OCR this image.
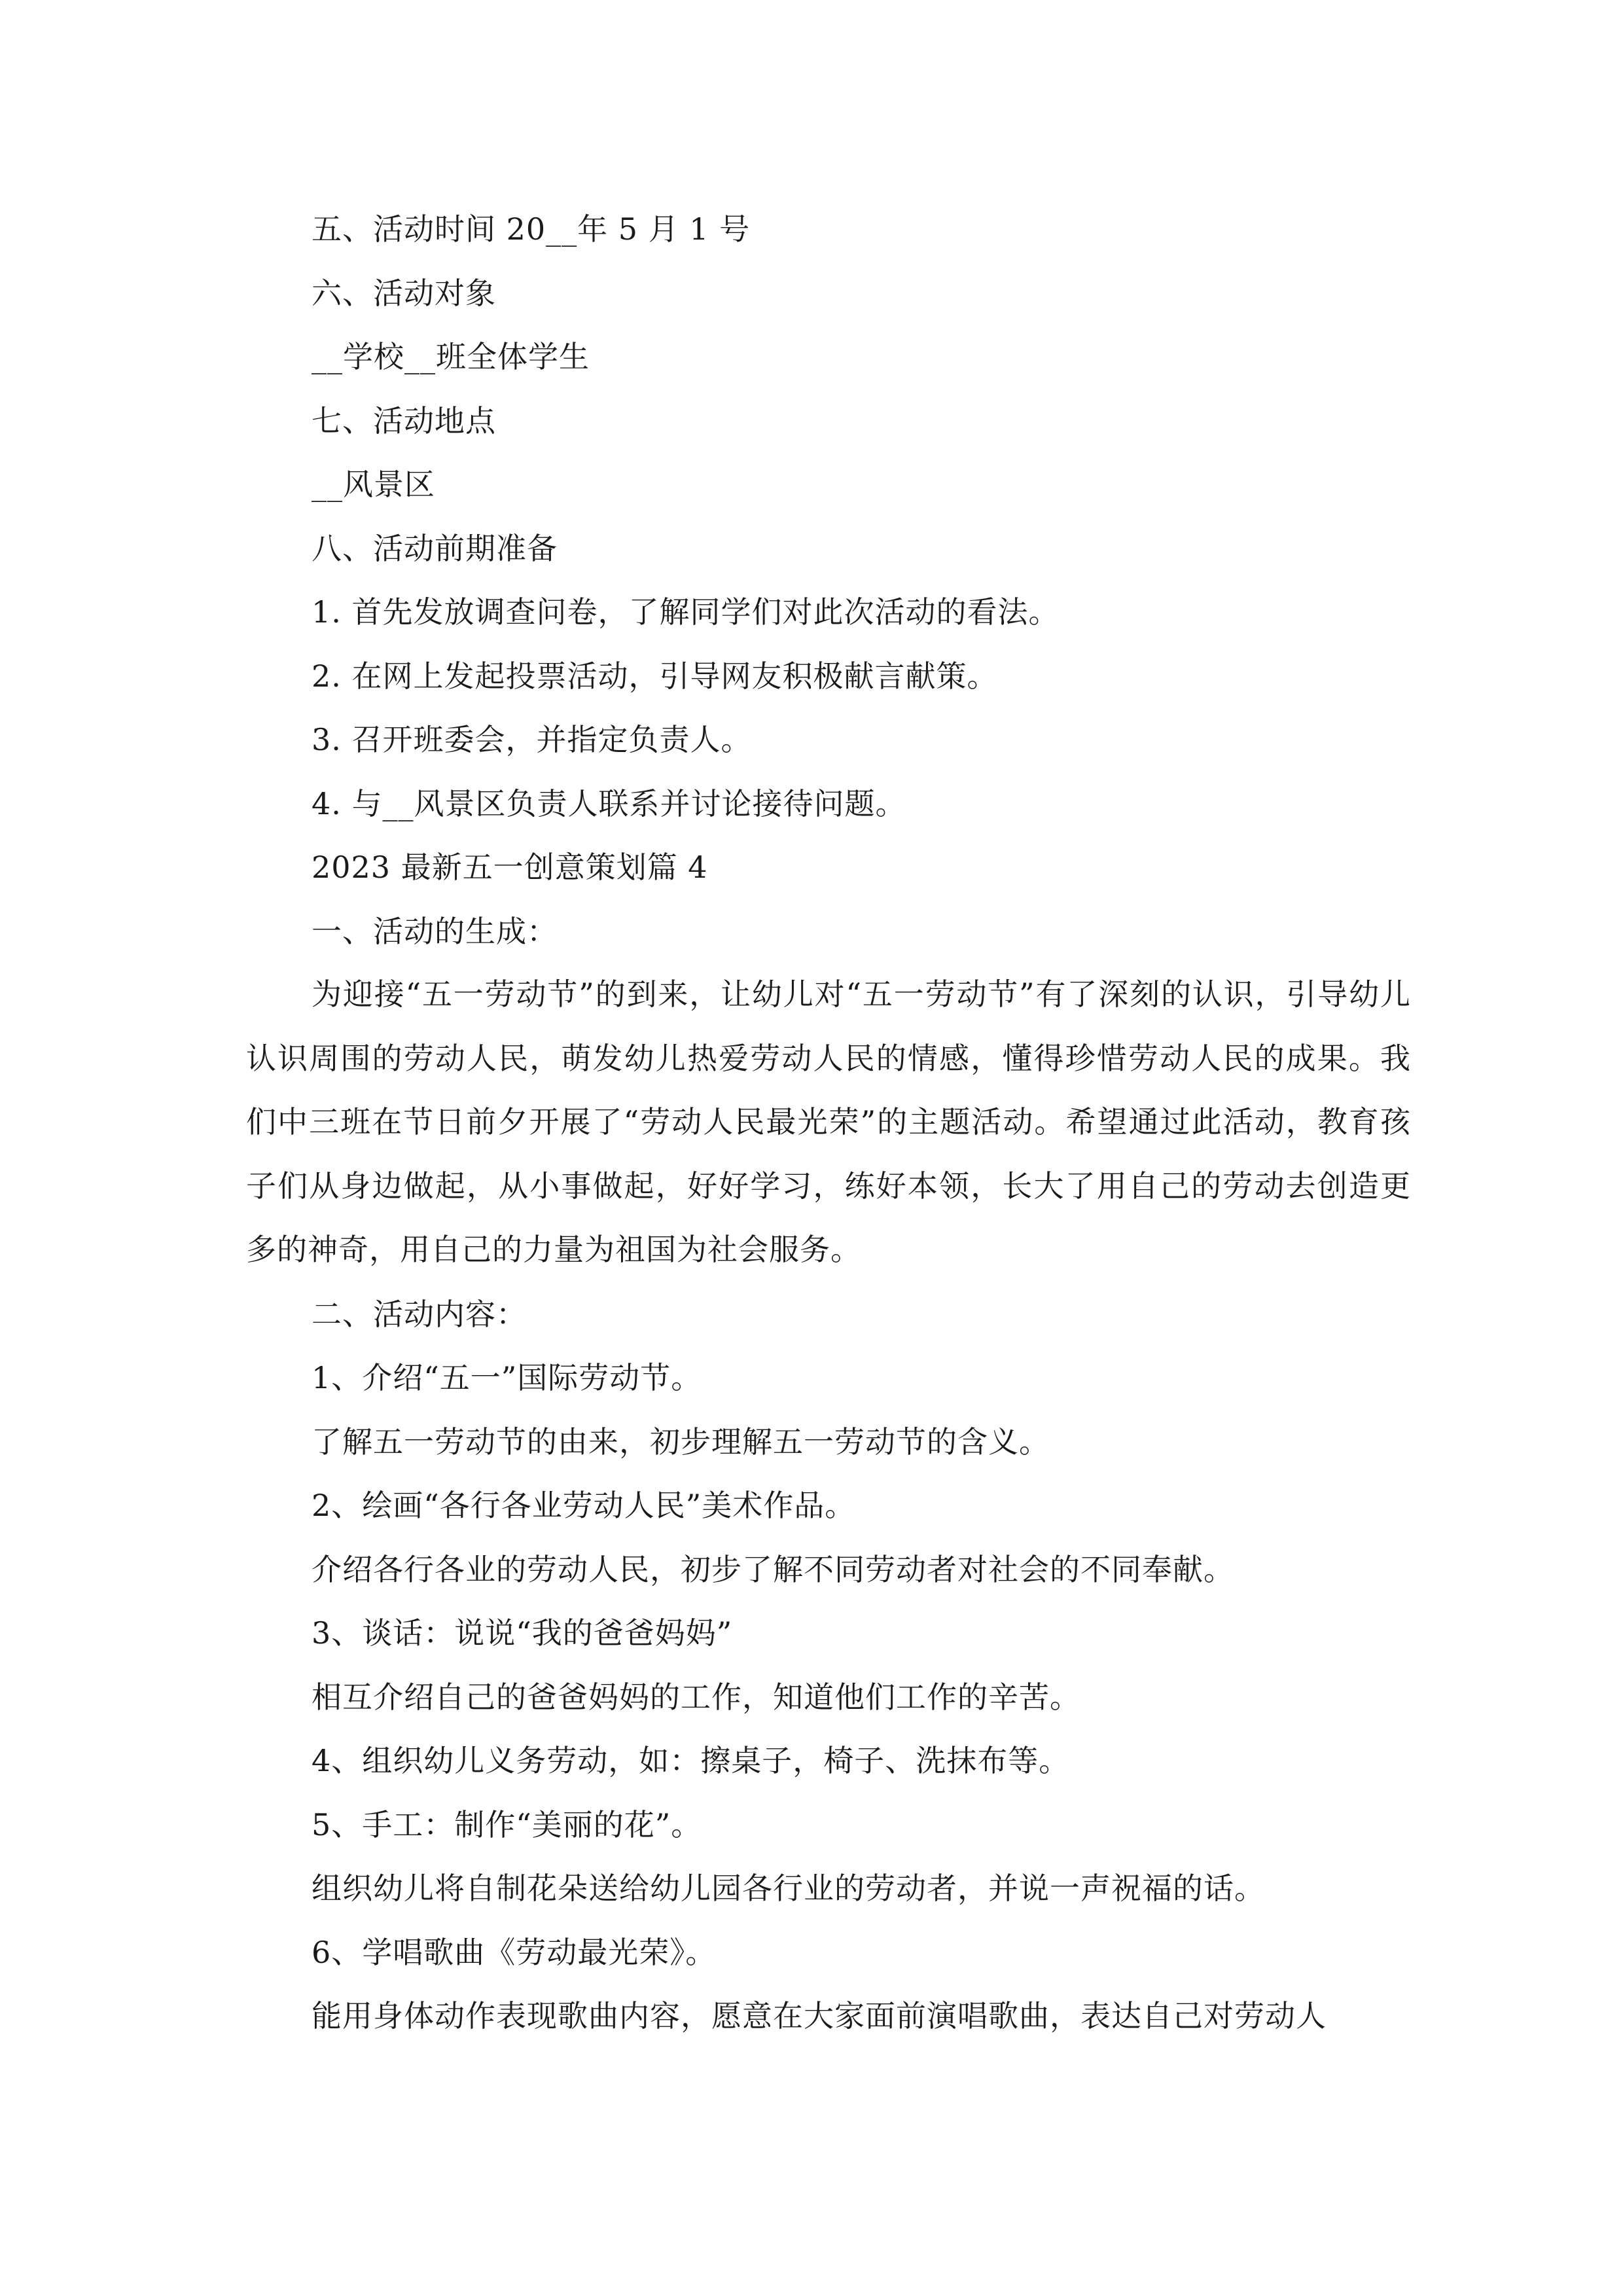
五、活动时间 20__年 5 月 1 号
六、活动对象
__学校__班全体学生
七、活动地点
__风景区
八、活动前期准备
1. 首先发放调查问卷，了解同学们对此次活动的看法。
2. 在网上发起投票活动，引导网友积极献言献策。
3. 召开班委会，并指定负责人。
4. 与__风景区负责人联系并讨论接待问题。
2023 最新五一创意策划篇 4
一、活动的生成：
为迎接“五一劳动节”的到来，让幼儿对“五一劳动节”有了深刻的认识，引导幼儿认识周围的劳动人民，萌发幼儿热爱劳动人民的情感，懂得珍惜劳动人民的成果。我们中三班在节日前夕开展了“劳动人民最光荣”的主题活动。希望通过此活动，教育孩子们从身边做起，从小事做起，好好学习，练好本领，长大了用自己的劳动去创造更多的神奇，用自己的力量为祖国为社会服务。
二、活动内容：
1、介绍“五一”国际劳动节。
了解五一劳动节的由来，初步理解五一劳动节的含义。
2、绘画“各行各业劳动人民”美术作品。
介绍各行各业的劳动人民，初步了解不同劳动者对社会的不同奉献。
3、谈话：说说“我的爸爸妈妈”
相互介绍自己的爸爸妈妈的工作，知道他们工作的辛苦。
4、组织幼儿义务劳动，如：擦桌子，椅子、洗抹布等。
5、手工：制作“美丽的花”。
组织幼儿将自制花朵送给幼儿园各行业的劳动者，并说一声祝福的话。
6、学唱歌曲《劳动最光荣》。
能用身体动作表现歌曲内容，愿意在大家面前演唱歌曲，表达自己对劳动人
